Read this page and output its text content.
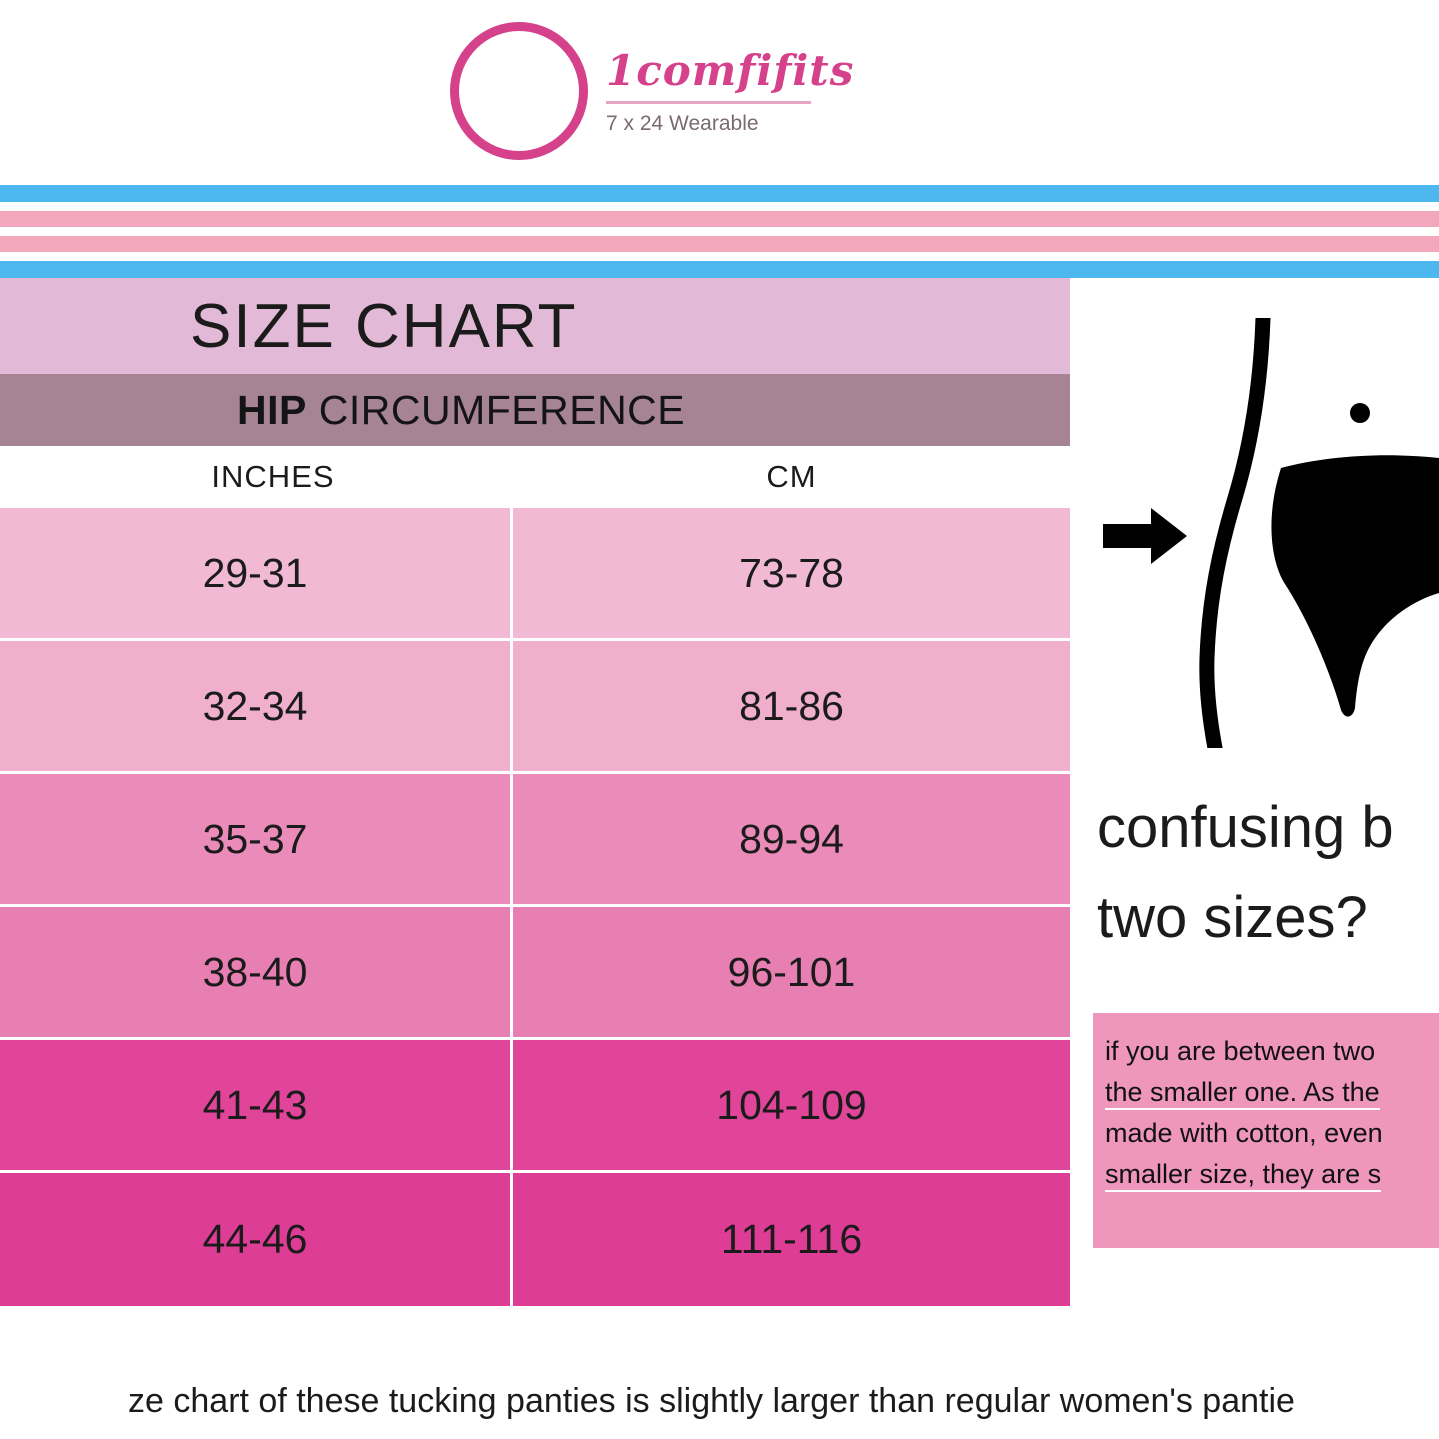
1comfifits
7 x 24 Wearable
SIZE CHART
HIP CIRCUMFERENCE
INCHES	CM
29-31	73-78
32-34	81-86
35-37	89-94
38-40	96-101
41-43	104-109
44-46	111-116
confusing b
two sizes?
if you are between two
the smaller one. As the
made with cotton, even
smaller size, they are s
ze chart of these tucking panties is slightly larger than regular women's pantie
